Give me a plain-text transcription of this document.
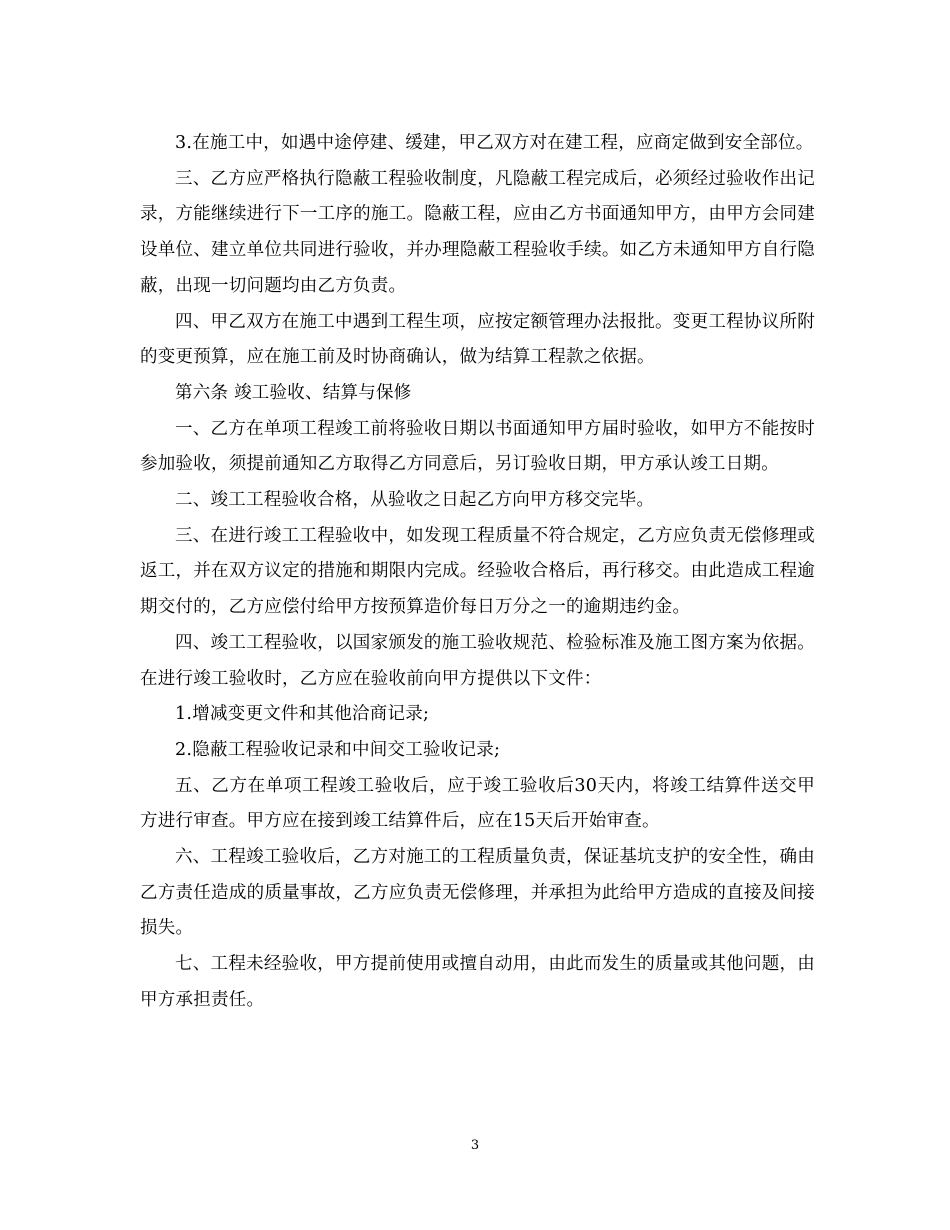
3.在施工中，如遇中途停建、缓建，甲乙双方对在建工程，应商定做到安全部位。

三、乙方应严格执行隐蔽工程验收制度，凡隐蔽工程完成后，必须经过验收作出记录，方能继续进行下一工序的施工。隐蔽工程，应由乙方书面通知甲方，由甲方会同建设单位、建立单位共同进行验收，并办理隐蔽工程验收手续。如乙方未通知甲方自行隐蔽，出现一切问题均由乙方负责。

四、甲乙双方在施工中遇到工程生项，应按定额管理办法报批。变更工程协议所附的变更预算，应在施工前及时协商确认，做为结算工程款之依据。

第六条 竣工验收、结算与保修

一、乙方在单项工程竣工前将验收日期以书面通知甲方届时验收，如甲方不能按时参加验收，须提前通知乙方取得乙方同意后，另订验收日期，甲方承认竣工日期。

二、竣工工程验收合格，从验收之日起乙方向甲方移交完毕。

三、在进行竣工工程验收中，如发现工程质量不符合规定，乙方应负责无偿修理或返工，并在双方议定的措施和期限内完成。经验收合格后，再行移交。由此造成工程逾期交付的，乙方应偿付给甲方按预算造价每日万分之一的逾期违约金。

四、竣工工程验收，以国家颁发的施工验收规范、检验标准及施工图方案为依据。在进行竣工验收时，乙方应在验收前向甲方提供以下文件：

1.增减变更文件和其他洽商记录;

2.隐蔽工程验收记录和中间交工验收记录;

五、乙方在单项工程竣工验收后，应于竣工验收后30天内，将竣工结算件送交甲方进行审查。甲方应在接到竣工结算件后，应在15天后开始审查。

六、工程竣工验收后，乙方对施工的工程质量负责，保证基坑支护的安全性，确由乙方责任造成的质量事故，乙方应负责无偿修理，并承担为此给甲方造成的直接及间接损失。

七、工程未经验收，甲方提前使用或擅自动用，由此而发生的质量或其他问题，由甲方承担责任。

3
